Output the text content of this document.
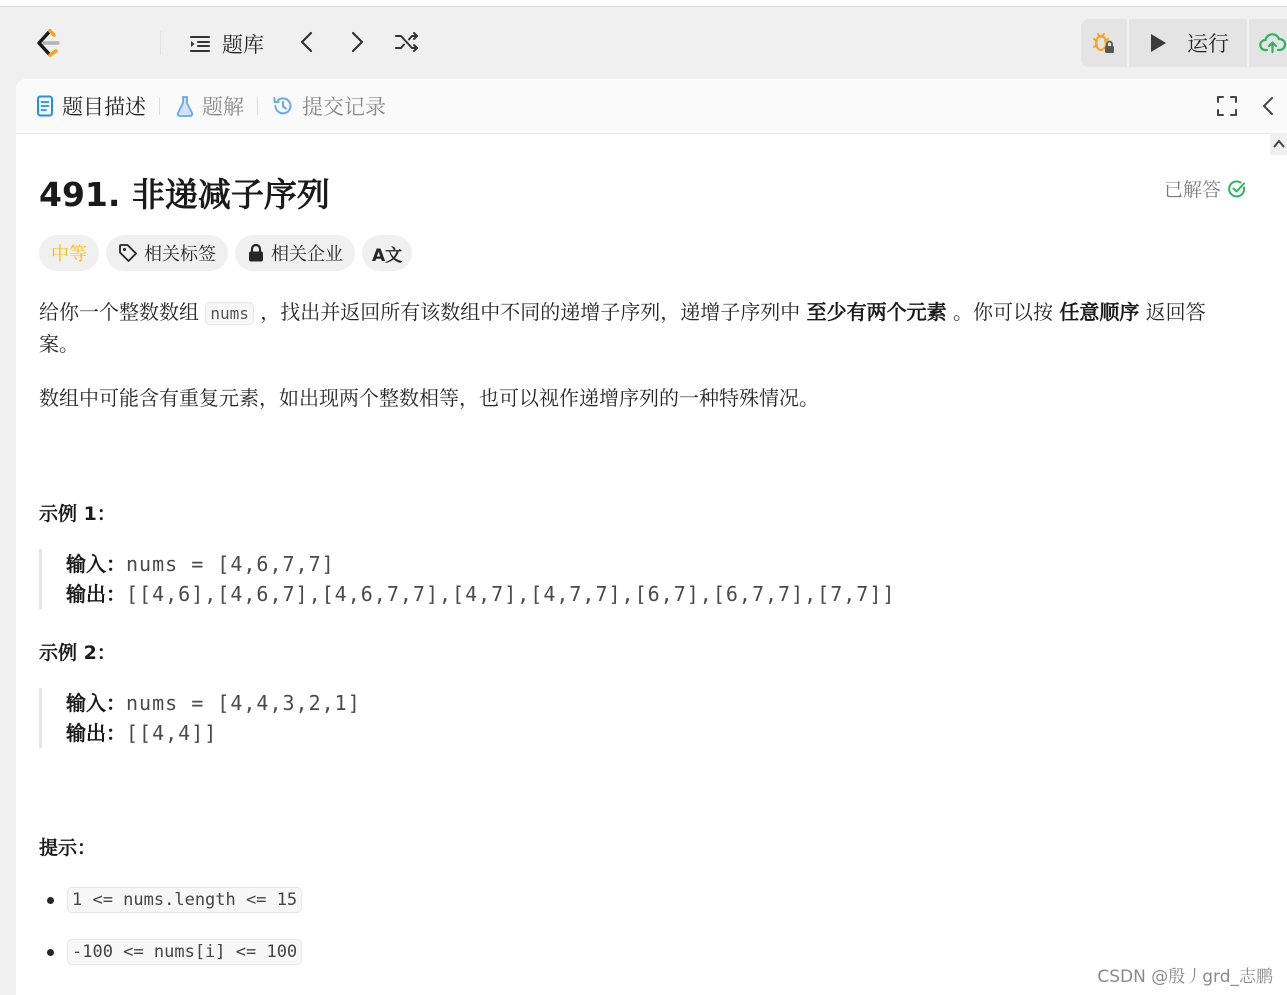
题库	运行
题目描述	题解	提交记录
491. 非递减子序列	已解答
中等	相关标签	相关企业 A文
给你一个整数数组 nums ，找出并返回所有该数组中不同的递增子序列，递增子序列中 至少有两个元素 。你可以按 任意顺序 返回答案。
数组中可能含有重复元素，如出现两个整数相等，也可以视作递增序列的一种特殊情况。
示例 1：
输入：nums = [4,6,7,7]
输出：[[4,6],[4,6,7],[4,6,7,7],[4,7],[4,7,7],[6,7],[6,7,7],[7,7]]
示例 2：
输入：nums = [4,4,3,2,1]
输出：[[4,4]]
提示：
1 <= nums.length <= 15
-100 <= nums[i] <= 100
CSDN @殷丿grd_志鹏
